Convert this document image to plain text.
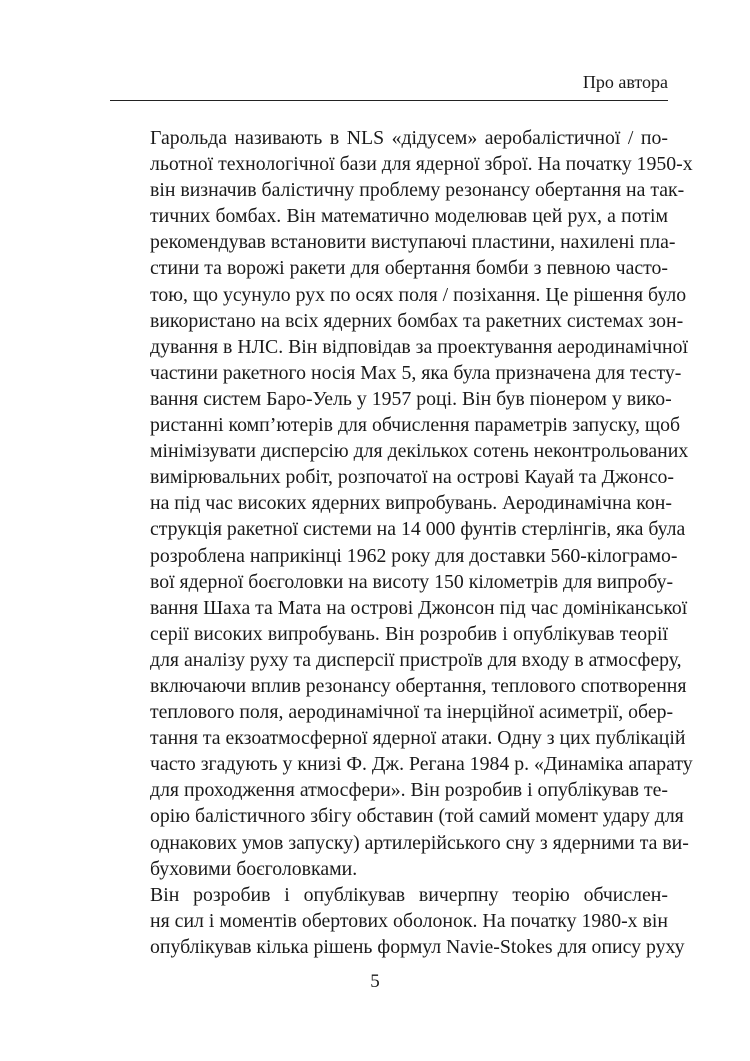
Про автора

Гарольда називають в NLS «дідусем» аеробалістичної / по-
льотної технологічної бази для ядерної зброї. На початку 1950-х
він визначив балістичну проблему резонансу обертання на так-
тичних бомбах. Він математично моделював цей рух, а потім
рекомендував встановити виступаючі пластини, нахилені пла-
стини та ворожі ракети для обертання бомби з певною часто-
тою, що усунуло рух по осях поля / позіхання. Це рішення було
використано на всіх ядерних бомбах та ракетних системах зон-
дування в НЛС. Він відповідав за проектування аеродинамічної
частини ракетного носія Мах 5, яка була призначена для тесту-
вання систем Баро-Уель у 1957 році. Він був піонером у вико-
ристанні комп’ютерів для обчислення параметрів запуску, щоб
мінімізувати дисперсію для декількох сотень неконтрольованих
вимірювальних робіт, розпочатої на острові Кауай та Джонсо-
на під час високих ядерних випробувань. Аеродинамічна кон-
струкція ракетної системи на 14 000 фунтів стерлінгів, яка була
розроблена наприкінці 1962 року для доставки 560-кілограмо-
вої ядерної боєголовки на висоту 150 кілометрів для випробу-
вання Шаха та Мата на острові Джонсон під час домініканської
серії високих випробувань. Він розробив і опублікував теорії
для аналізу руху та дисперсії пристроїв для входу в атмосферу,
включаючи вплив резонансу обертання, теплового спотворення
теплового поля, аеродинамічної та інерційної асиметрії, обер-
тання та екзоатмосферної ядерної атаки. Одну з цих публікацій
часто згадують у книзі Ф. Дж. Регана 1984 р. «Динаміка апарату
для проходження атмосфери». Він розробив і опублікував те-
орію балістичного збігу обставин (той самий момент удару для
однакових умов запуску) артилерійського сну з ядерними та ви-
буховими боєголовками.

Він розробив і опублікував вичерпну теорію обчислен-
ня сил і моментів обертових оболонок. На початку 1980-х він
опублікував кілька рішень формул Navie-Stokes для опису руху

5
